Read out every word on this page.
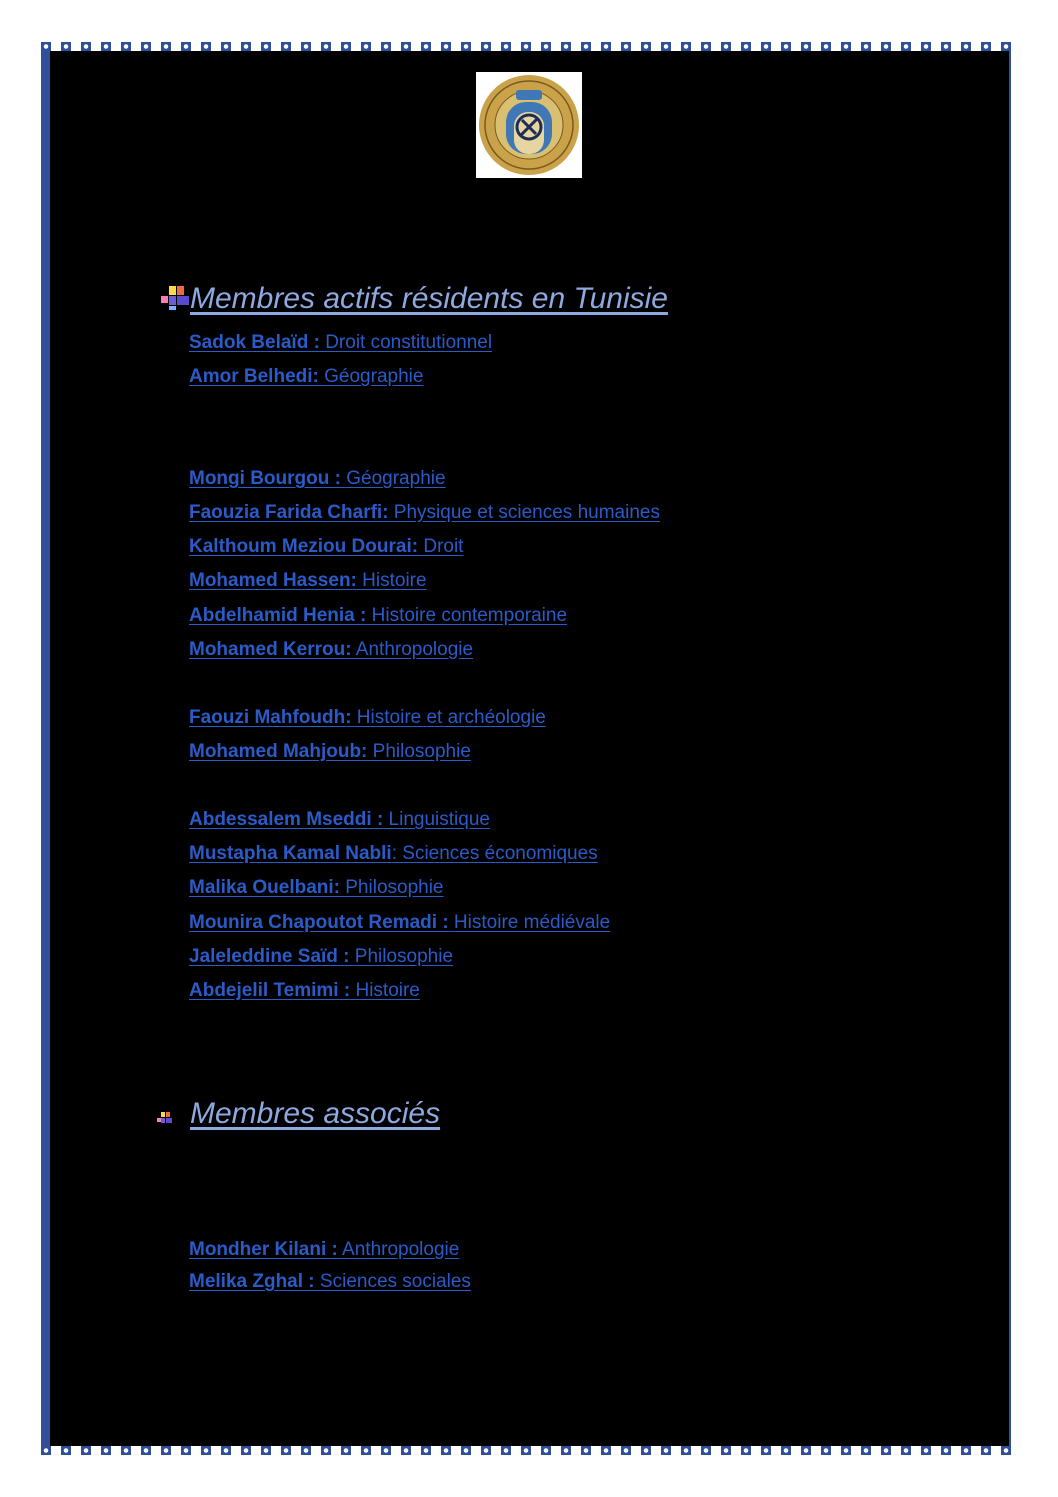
Membres actifs résidents en Tunisie
Sadok Belaïd : Droit constitutionnel
Amor Belhedi: Géographie
Mongi Bourgou : Géographie
Faouzia Farida Charfi: Physique et sciences humaines
Kalthoum Meziou Dourai: Droit
Mohamed Hassen: Histoire
Abdelhamid Henia : Histoire contemporaine
Mohamed Kerrou: Anthropologie
Faouzi Mahfoudh: Histoire et archéologie
Mohamed Mahjoub: Philosophie
Abdessalem Mseddi : Linguistique
Mustapha Kamal Nabli: Sciences économiques
Malika Ouelbani: Philosophie
Mounira Chapoutot Remadi : Histoire médiévale
Jaleleddine Saïd : Philosophie
Abdejelil Temimi : Histoire
Membres associés
Mondher Kilani : Anthropologie
Melika Zghal : Sciences sociales
